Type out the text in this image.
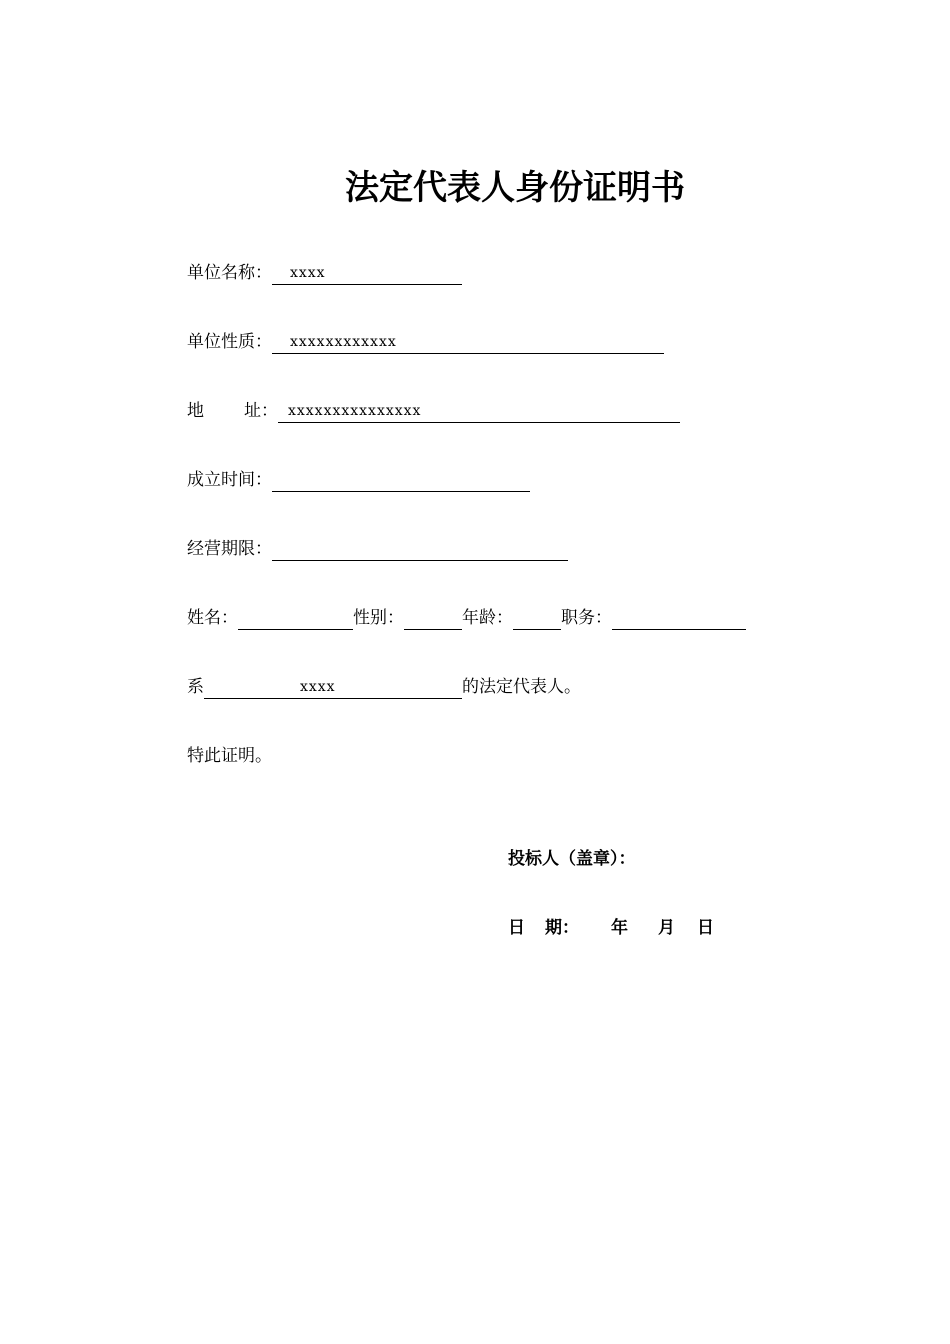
法定代表人身份证明书
单位名称： xxxx
单位性质： xxxxxxxxxxxx
地 址： xxxxxxxxxxxxxxx
成立时间：
经营期限：
姓名：	性别：	年龄：	职务：
系	xxxx	的法定代表人。
特此证明。
投标人（盖章）：
日 期： 年 月 日
